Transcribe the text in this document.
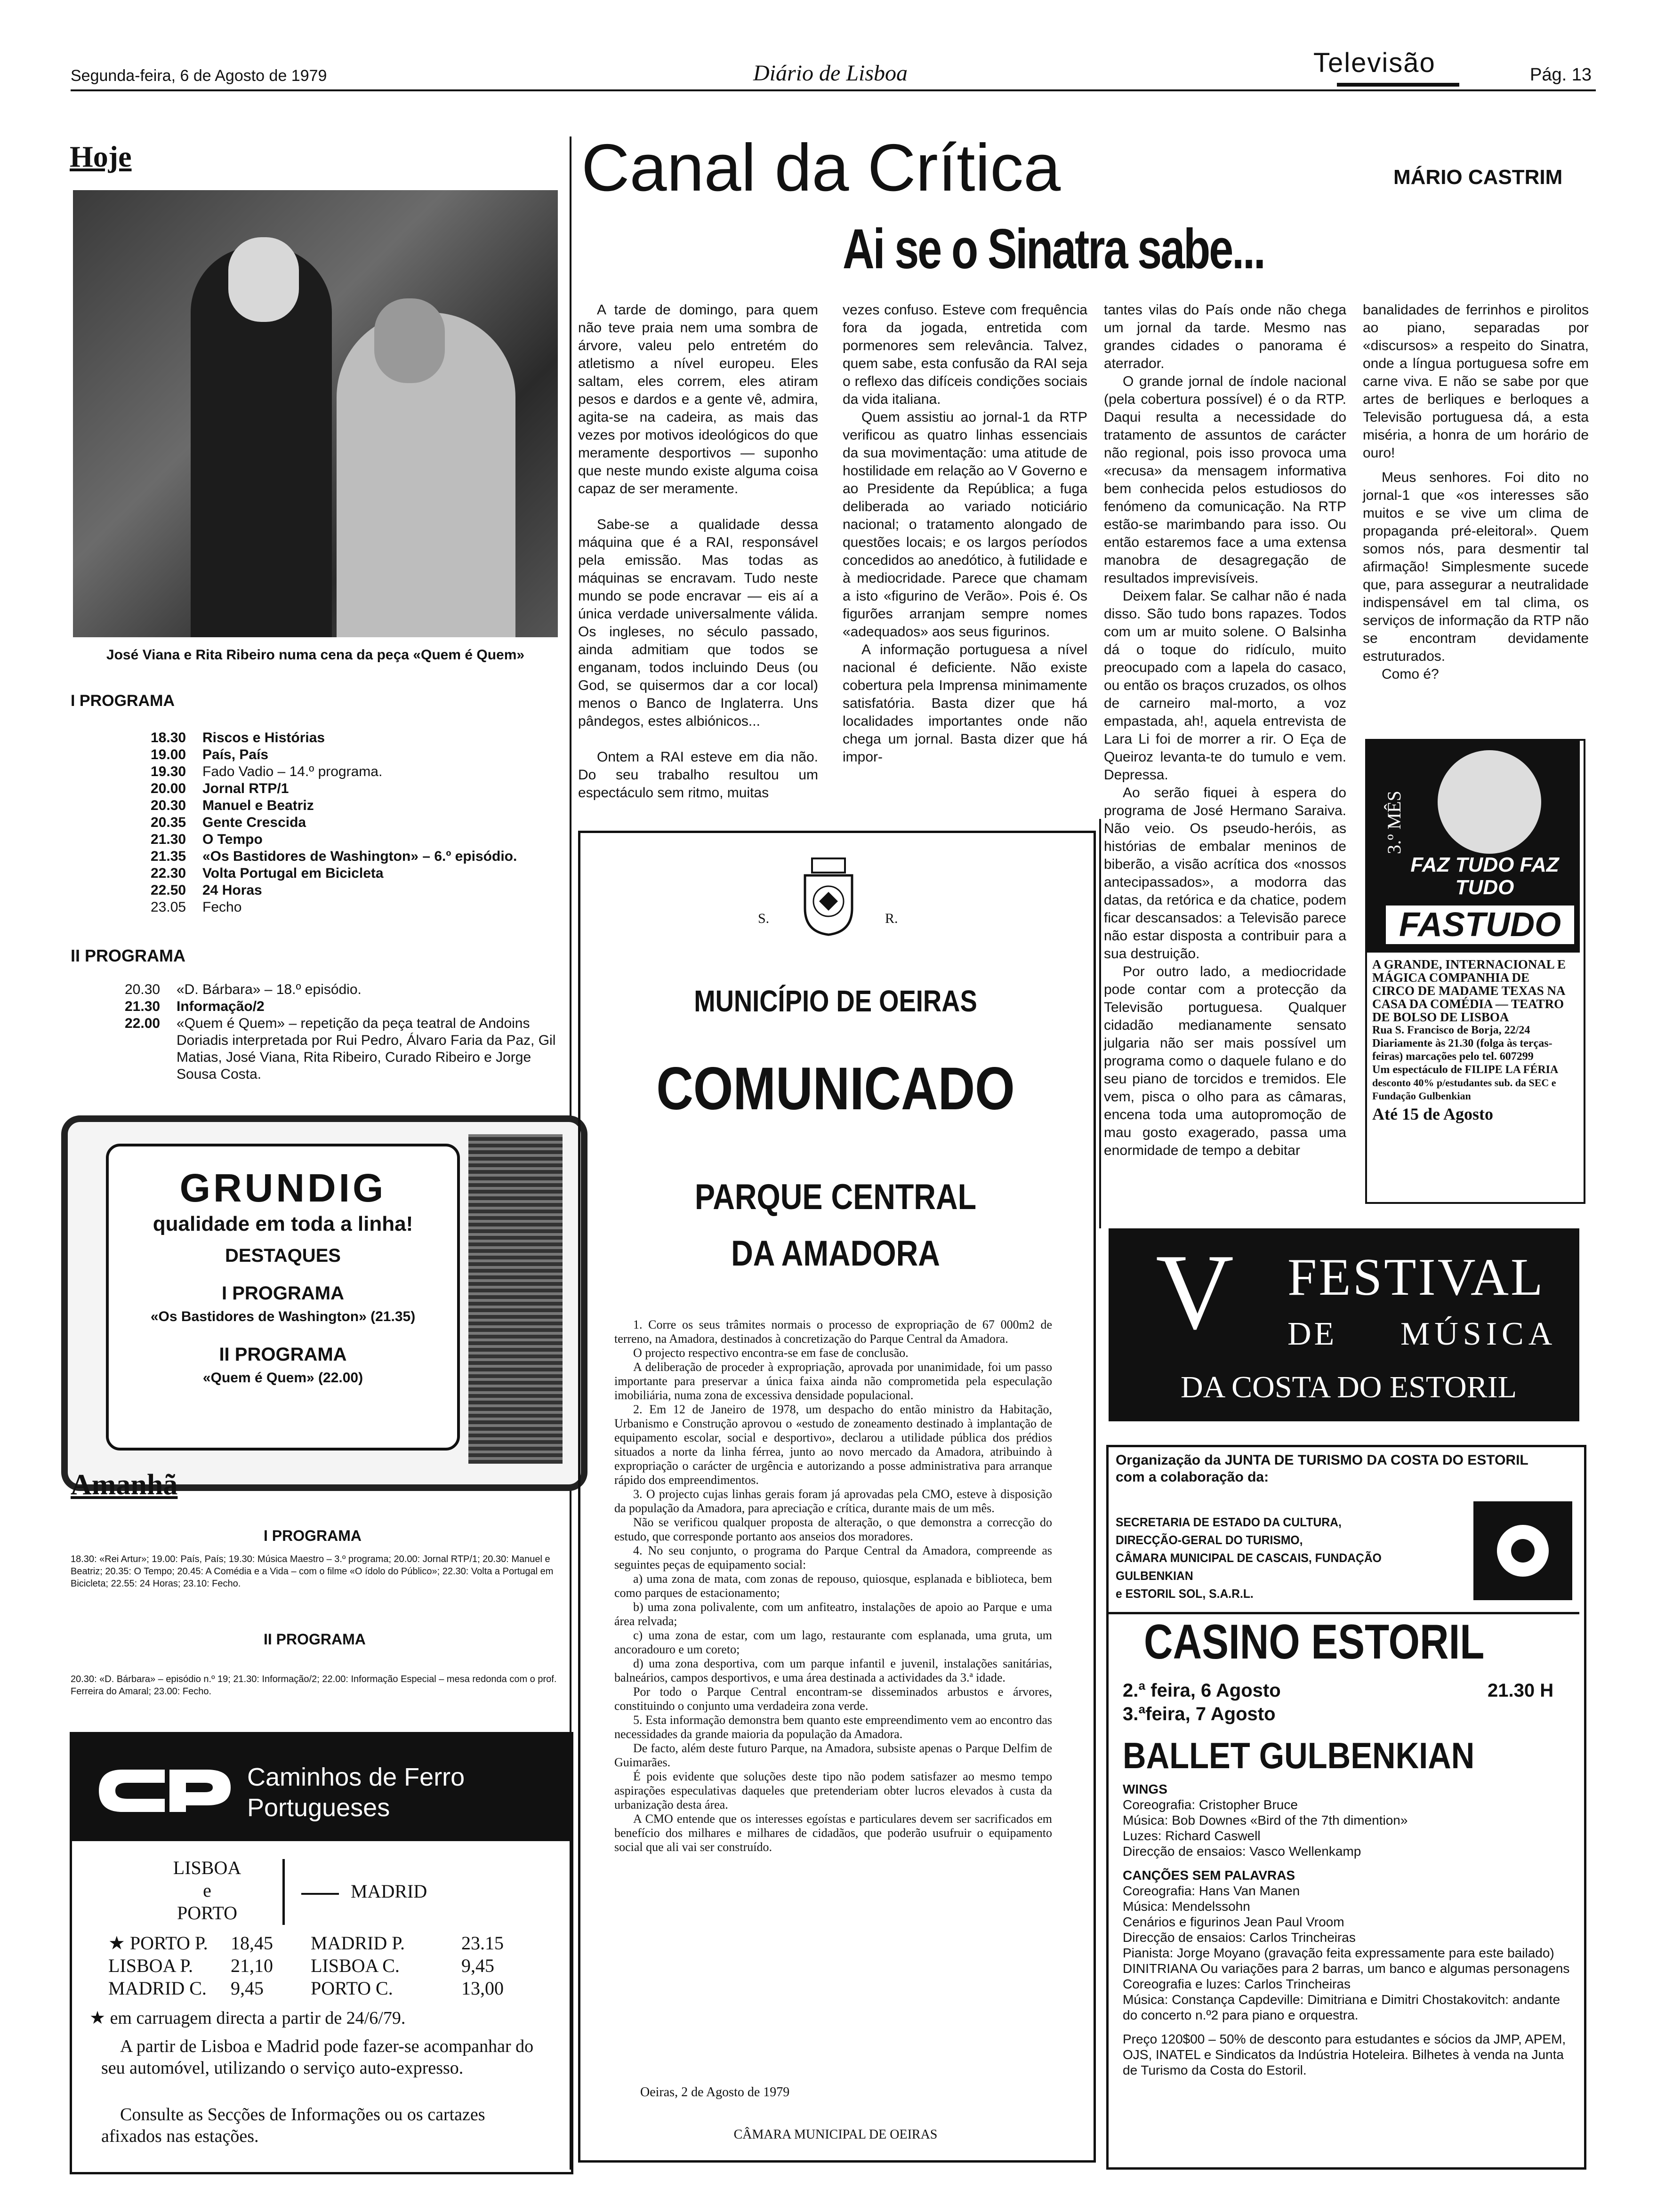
Segunda-feira, 6 de Agosto de 1979	Diário de Lisboa	Televisão	Pág. 13
Hoje
José Viana e Rita Ribeiro numa cena da peça «Quem é Quem»
I PROGRAMA
18.30	Riscos e Histórias
19.00	País, País
19.30	Fado Vadio – 14.º programa.
20.00	Jornal RTP/1
20.30	Manuel e Beatriz
20.35	Gente Crescida
21.30	O Tempo
21.35	«Os Bastidores de Washington» – 6.º episódio.
22.30	Volta Portugal em Bicicleta
22.50	24 Horas
23.05	Fecho
II PROGRAMA
20.30	«D. Bárbara» – 18.º episódio.
21.30	Informação/2
22.00	«Quem é Quem» – repetição da peça teatral de Andoins Doriadis interpretada por Rui Pedro, Álvaro Faria da Paz, Gil Matias, José Viana, Rita Ribeiro, Curado Ribeiro e Jorge Sousa Costa.
GRUNDIG
qualidade em toda a linha!
DESTAQUES
I PROGRAMA
«Os Bastidores de Washington» (21.35)
II PROGRAMA
«Quem é Quem» (22.00)
Amanhã
I PROGRAMA
18.30: «Rei Artur»; 19.00: País, País; 19.30: Música Maestro – 3.º programa; 20.00: Jornal RTP/1; 20.30: Manuel e Beatriz; 20.35: O Tempo; 20.45: A Comédia e a Vida – com o filme «O ídolo do Público»; 22.30: Volta a Portugal em Bicicleta; 22.55: 24 Horas; 23.10: Fecho.
II PROGRAMA
20.30: «D. Bárbara» – episódio n.º 19; 21.30: Informação/2; 22.00: Informação Especial – mesa redonda com o prof. Ferreira do Amaral; 23.00: Fecho.
Caminhos de Ferro
Portugueses
LISBOA
e
PORTO
MADRID
★ PORTO P.	18,45	MADRID P.	23.15
LISBOA P.	21,10	LISBOA C.	9,45
MADRID C.	9,45	PORTO C.	13,00
★ em carruagem directa a partir de 24/6/79.
A partir de Lisboa e Madrid pode fazer-se acompanhar do seu automóvel, utilizando o serviço auto-expresso.
Consulte as Secções de Informações ou os cartazes afixados nas estações.
Canal da Crítica
Ai se o Sinatra sabe...
MÁRIO CASTRIM

A tarde de domingo, para quem não teve praia nem uma sombra de árvore, valeu pelo entretém do atletismo a nível europeu. Eles saltam, eles correm, eles atiram pesos e dardos e a gente vê, admira, agita-se na cadeira, as mais das vezes por motivos ideológicos do que meramente desportivos — suponho que neste mundo existe alguma coisa capaz de ser meramente.

Sabe-se a qualidade dessa máquina que é a RAI, responsável pela emissão. Mas todas as máquinas se encravam. Tudo neste mundo se pode encravar — eis aí a única verdade universalmente válida. Os ingleses, no século passado, ainda admitiam que todos se enganam, todos incluindo Deus (ou God, se quisermos dar a cor local) menos o Banco de Inglaterra. Uns pândegos, estes albiónicos...

Ontem a RAI esteve em dia não. Do seu trabalho resultou um espectáculo sem ritmo, muitas

vezes confuso. Esteve com frequência fora da jogada, entretida com pormenores sem relevância. Talvez, quem sabe, esta confusão da RAI seja o reflexo das difíceis condições sociais da vida italiana.

Quem assistiu ao jornal-1 da RTP verificou as quatro linhas essenciais da sua movimentação: uma atitude de hostilidade em relação ao V Governo e ao Presidente da República; a fuga deliberada ao variado noticiário nacional; o tratamento alongado de questões locais; e os largos períodos concedidos ao anedótico, à futilidade e à mediocridade. Parece que chamam a isto «figurino de Verão». Pois é. Os figurões arranjam sempre nomes «adequados» aos seus figurinos.

A informação portuguesa a nível nacional é deficiente. Não existe cobertura pela Imprensa minimamente satisfatória. Basta dizer que há localidades importantes onde não chega um jornal. Basta dizer que há impor-

tantes vilas do País onde não chega um jornal da tarde. Mesmo nas grandes cidades o panorama é aterrador.

O grande jornal de índole nacional (pela cobertura possível) é o da RTP. Daqui resulta a necessidade do tratamento de assuntos de carácter não regional, pois isso provoca uma «recusa» da mensagem informativa bem conhecida pelos estudiosos do fenómeno da comunicação. Na RTP estão-se marimbando para isso. Ou então estaremos face a uma extensa manobra de desagregação de resultados imprevisíveis.

Deixem falar. Se calhar não é nada disso. São tudo bons rapazes. Todos com um ar muito solene. O Balsinha dá o toque do ridículo, muito preocupado com a lapela do casaco, ou então os braços cruzados, os olhos de carneiro mal-morto, a voz empastada, ah!, aquela entrevista de Lara Li foi de morrer a rir. O Eça de Queiroz levanta-te do tumulo e vem. Depressa.

Ao serão fiquei à espera do programa de José Hermano Saraiva. Não veio. Os pseudo-heróis, as histórias de embalar meninos de biberão, a visão acrítica dos «nossos antecipassados», a modorra das datas, da retórica e da chatice, podem ficar descansados: a Televisão parece não estar disposta a contribuir para a sua destruição.

Por outro lado, a mediocridade pode contar com a protecção da Televisão portuguesa. Qualquer cidadão medianamente sensato julgaria não ser mais possível um programa como o daquele fulano e do seu piano de torcidos e tremidos. Ele vem, pisca o olho para as câmaras, encena toda uma autopromoção de mau gosto exagerado, passa uma enormidade de tempo a debitar

banalidades de ferrinhos e pirolitos ao piano, separadas por «discursos» a respeito do Sinatra, onde a língua portuguesa sofre em carne viva. E não se sabe por que artes de berliques e berloques a Televisão portuguesa dá, a esta miséria, a honra de um horário de ouro!

Meus senhores. Foi dito no jornal-1 que «os interesses são muitos e se vive um clima de propaganda pré-eleitoral». Quem somos nós, para desmentir tal afirmação! Simplesmente sucede que, para assegurar a neutralidade indispensável em tal clima, os serviços de informação da RTP não se encontram devidamente estruturados.

Como é?

S.	R.
MUNICÍPIO DE OEIRAS
COMUNICADO
PARQUE CENTRAL
DA AMADORA

1. Corre os seus trâmites normais o processo de expropriação de 67 000m2 de terreno, na Amadora, destinados à concretização do Parque Central da Amadora.

O projecto respectivo encontra-se em fase de conclusão.

A deliberação de proceder à expropriação, aprovada por unanimidade, foi um passo importante para preservar a única faixa ainda não comprometida pela especulação imobiliária, numa zona de excessiva densidade populacional.

2. Em 12 de Janeiro de 1978, um despacho do então ministro da Habitação, Urbanismo e Construção aprovou o «estudo de zoneamento destinado à implantação de equipamento escolar, social e desportivo», declarou a utilidade pública dos prédios situados a norte da linha férrea, junto ao novo mercado da Amadora, atribuindo à expropriação o carácter de urgência e autorizando a posse administrativa para arranque rápido dos empreendimentos.

3. O projecto cujas linhas gerais foram já aprovadas pela CMO, esteve à disposição da população da Amadora, para apreciação e crítica, durante mais de um mês.

Não se verificou qualquer proposta de alteração, o que demonstra a correcção do estudo, que corresponde portanto aos anseios dos moradores.

4. No seu conjunto, o programa do Parque Central da Amadora, compreende as seguintes peças de equipamento social:

a) uma zona de mata, com zonas de repouso, quiosque, esplanada e biblioteca, bem como parques de estacionamento;

b) uma zona polivalente, com um anfiteatro, instalações de apoio ao Parque e uma área relvada;

c) uma zona de estar, com um lago, restaurante com esplanada, uma gruta, um ancoradouro e um coreto;

d) uma zona desportiva, com um parque infantil e juvenil, instalações sanitárias, balneários, campos desportivos, e uma área destinada a actividades da 3.ª idade.

Por todo o Parque Central encontram-se disseminados arbustos e árvores, constituindo o conjunto uma verdadeira zona verde.

5. Esta informação demonstra bem quanto este empreendimento vem ao encontro das necessidades da grande maioria da população da Amadora.

De facto, além deste futuro Parque, na Amadora, subsiste apenas o Parque Delfim de Guimarães.

É pois evidente que soluções deste tipo não podem satisfazer ao mesmo tempo aspirações especulativas daqueles que pretenderiam obter lucros elevados à custa da urbanização desta área.

A CMO entende que os interesses egoístas e particulares devem ser sacrificados em benefício dos milhares e milhares de cidadãos, que poderão usufruir o equipamento social que ali vai ser construído.

Oeiras, 2 de Agosto de 1979
CÂMARA MUNICIPAL DE OEIRAS
3.º MÊS
FAZ TUDO FAZ TUDO
FASTUDO
A GRANDE, INTERNACIONAL E MÁGICA COMPANHIA DE CIRCO DE MADAME TEXAS NA CASA DA COMÉDIA — TEATRO DE BOLSO DE LISBOA
Rua S. Francisco de Borja, 22/24
Diariamente às 21.30 (folga às terças-feiras) marcações pelo tel. 607299
Um espectáculo de FILIPE LA FÉRIA
desconto 40% p/estudantes sub. da SEC e Fundação Gulbenkian
Até 15 de Agosto
V FESTIVAL
DE MÚSICA
DA COSTA DO ESTORIL
Organização da JUNTA DE TURISMO DA COSTA DO ESTORIL
com a colaboração da:
SECRETARIA DE ESTADO DA CULTURA,
DIRECÇÃO-GERAL DO TURISMO,
CÂMARA MUNICIPAL DE CASCAIS, FUNDAÇÃO GULBENKIAN
e ESTORIL SOL, S.A.R.L.
CASINO ESTORIL
2.ª feira, 6 Agosto	21.30 H
3.ªfeira, 7 Agosto
BALLET GULBENKIAN
WINGS
Coreografia: Cristopher Bruce
Música: Bob Downes «Bird of the 7th dimention»
Luzes: Richard Caswell
Direcção de ensaios: Vasco Wellenkamp
CANÇÕES SEM PALAVRAS
Coreografia: Hans Van Manen
Música: Mendelssohn
Cenários e figurinos Jean Paul Vroom
Direcção de ensaios: Carlos Trincheiras
Pianista: Jorge Moyano (gravação feita expressamente para este bailado)
DINITRIANA Ou variações para 2 barras, um banco e algumas personagens
Coreografia e luzes: Carlos Trincheiras
Música: Constança Capdeville: Dimitriana e Dimitri Chostakovitch: andante do concerto n.º2 para piano e orquestra.
Preço 120$00 – 50% de desconto para estudantes e sócios da JMP, APEM, OJS, INATEL e Sindicatos da Indústria Hoteleira. Bilhetes à venda na Junta de Turismo da Costa do Estoril.
